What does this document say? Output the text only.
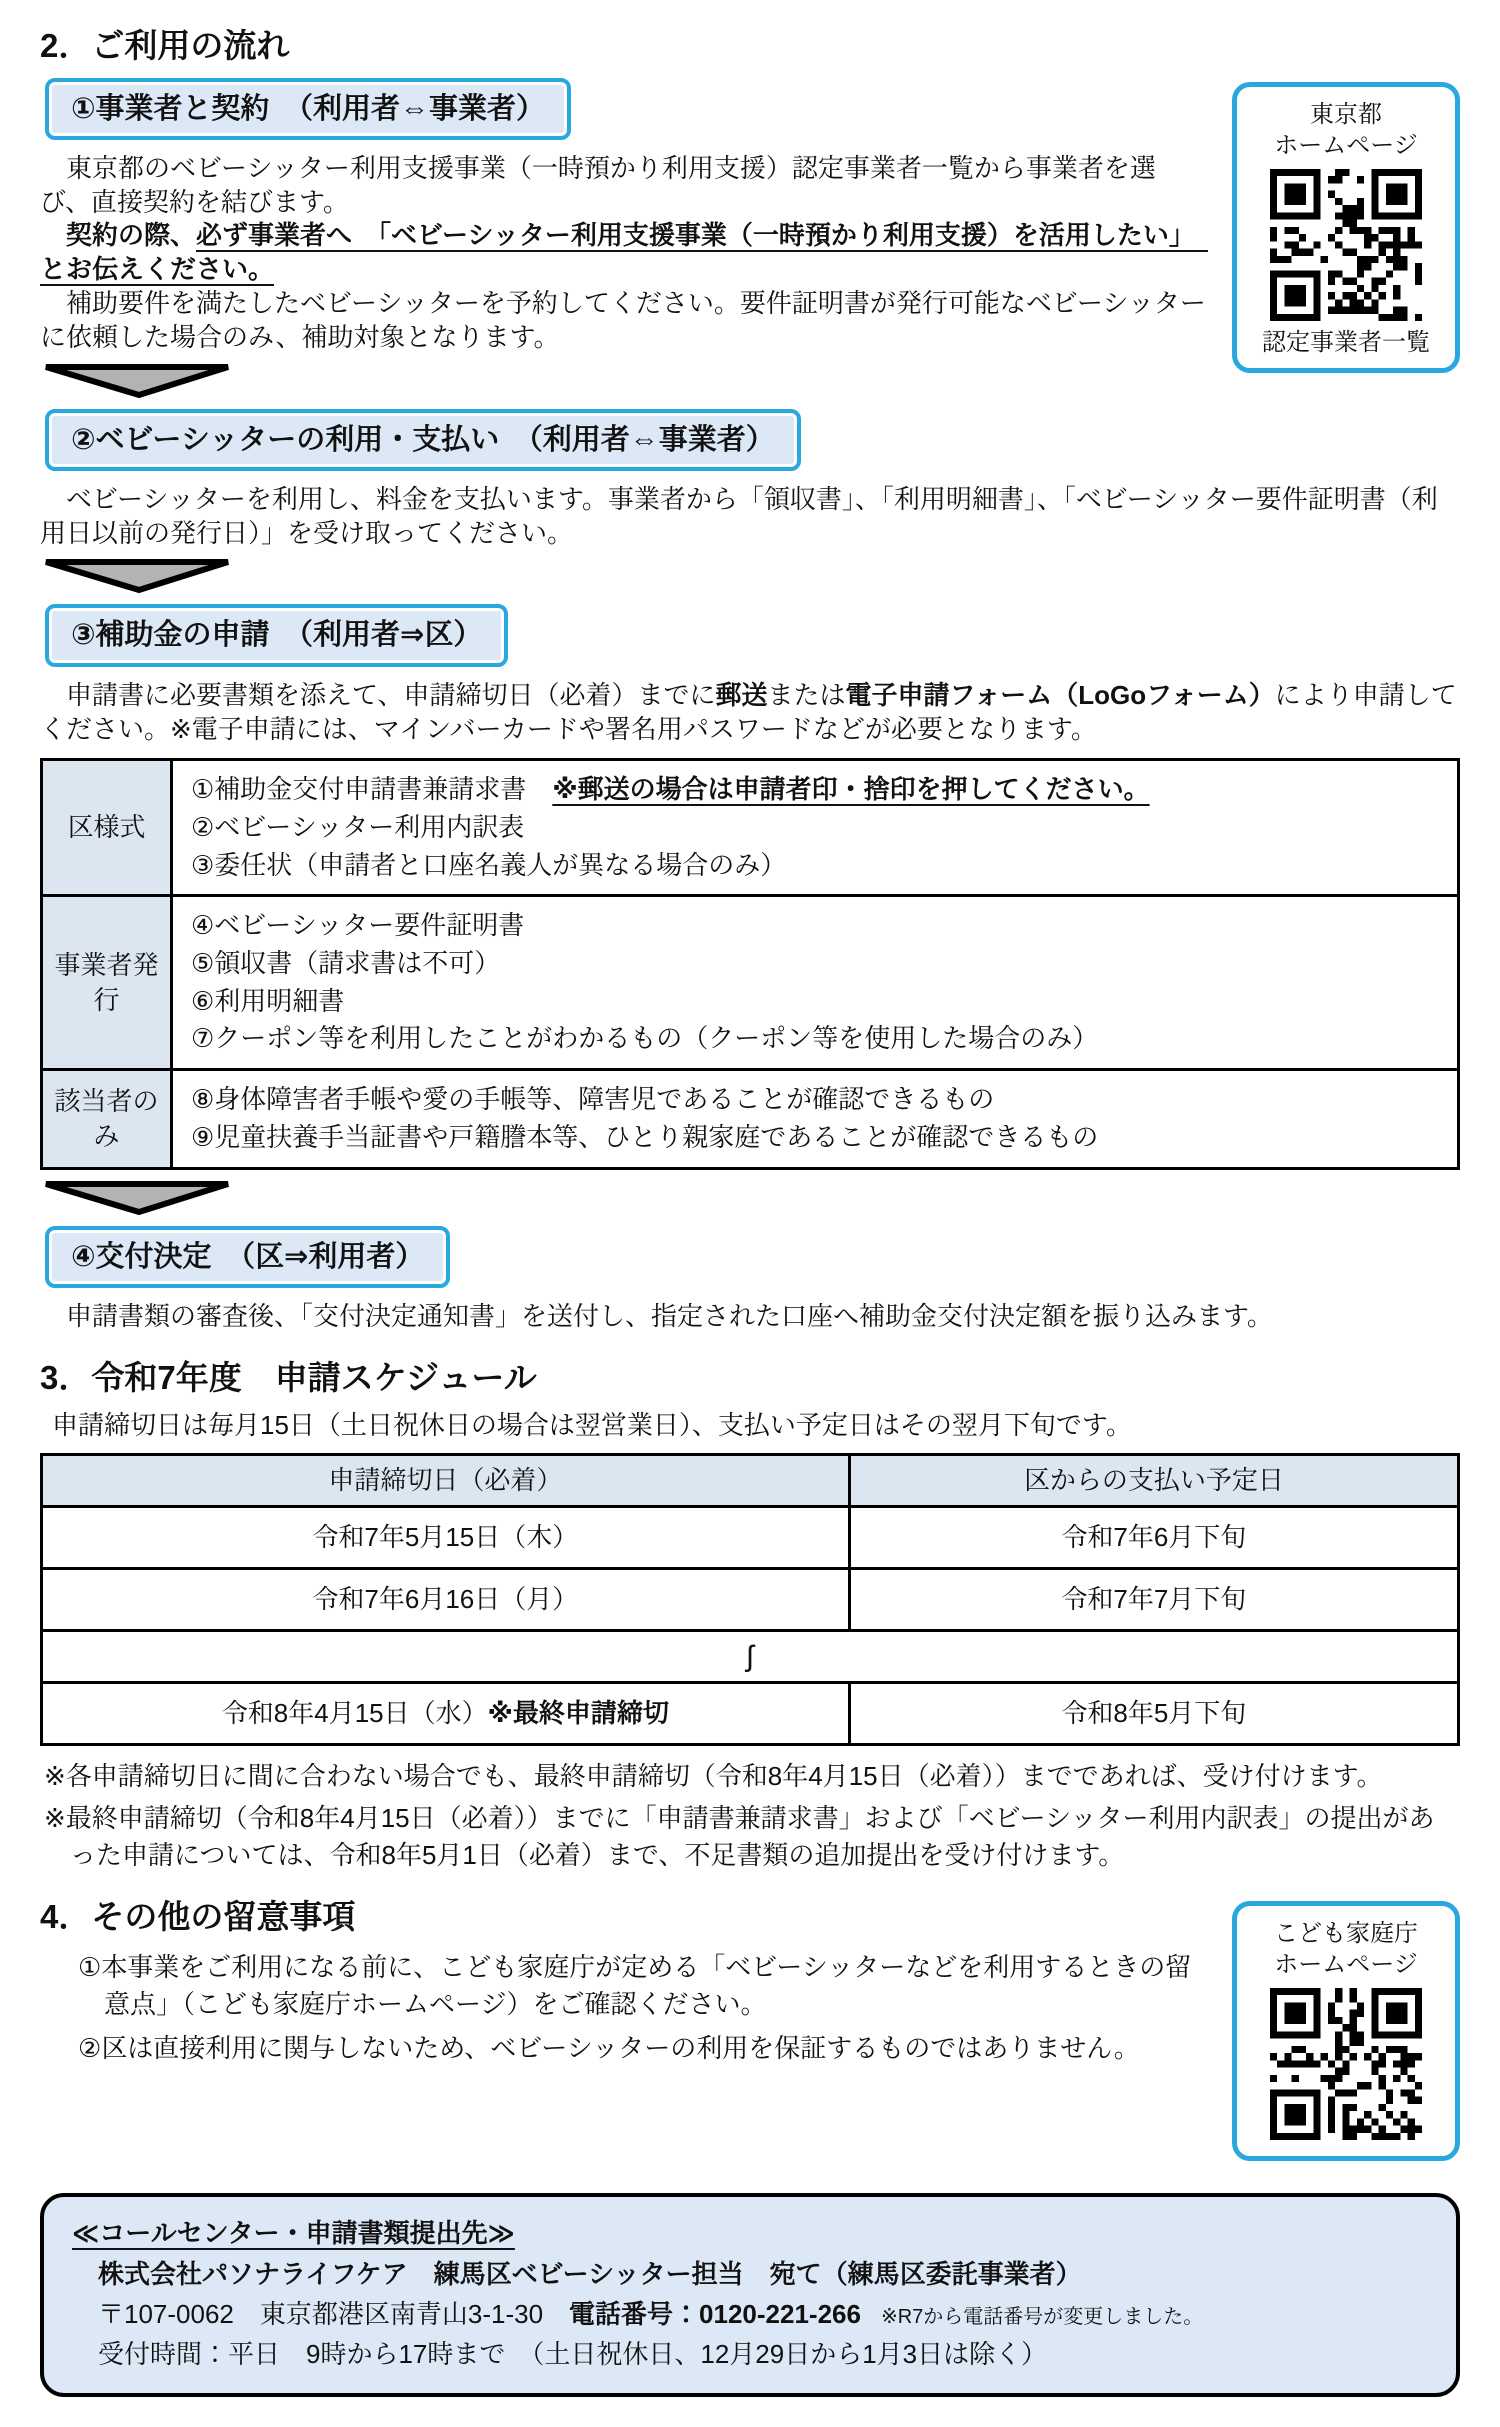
2．ご利用の流れ
東京都
ホームページ
認定事業者一覧
①事業者と契約　（利用者⇔事業者）
　東京都のベビーシッター利用支援事業（一時預かり利用支援）認定事業者一覧から事業者を選び、直接契約を結びます。
　契約の際、必ず事業者へ　「ベビーシッター利用支援事業（一時預かり利用支援）を活用したい」　とお伝えください。
　補助要件を満たしたベビーシッターを予約してください。要件証明書が発行可能なベビーシッターに依頼した場合のみ、補助対象となります。
②ベビーシッターの利用・支払い　（利用者⇔事業者）
　ベビーシッターを利用し、料金を支払います。事業者から「領収書」、「利用明細書」、「ベビーシッター要件証明書（利用日以前の発行日）」を受け取ってください。
③補助金の申請　（利用者⇒区）
　申請書に必要書類を添えて、申請締切日（必着）までに郵送または電子申請フォーム（LoGoフォーム）により申請してください。※電子申請には、マインバーカードや署名用パスワードなどが必要となります。
区様式	①補助金交付申請書兼請求書　※郵送の場合は申請者印・捨印を押してください。
②ベビーシッター利用内訳表
③委任状（申請者と口座名義人が異なる場合のみ）

事業者発行	④ベビーシッター要件証明書
⑤領収書（請求書は不可）
⑥利用明細書
⑦クーポン等を利用したことがわかるもの（クーポン等を使用した場合のみ）

該当者のみ	⑧身体障害者手帳や愛の手帳等、障害児であることが確認できるもの
⑨児童扶養手当証書や戸籍謄本等、ひとり親家庭であることが確認できるもの
④交付決定　（区⇒利用者）
　申請書類の審査後、「交付決定通知書」を送付し、指定された口座へ補助金交付決定額を振り込みます。
3．令和7年度　申請スケジュール
申請締切日は毎月15日（土日祝休日の場合は翌営業日）、支払い予定日はその翌月下旬です。
申請締切日（必着）	区からの支払い予定日
令和7年5月15日（木）	令和7年6月下旬
令和7年6月16日（月）	令和7年7月下旬
ʃ	
令和8年4月15日（水）※最終申請締切	令和8年5月下旬
※各申請締切日に間に合わない場合でも、最終申請締切（令和8年4月15日（必着））までであれば、受け付けます。
※最終申請締切（令和8年4月15日（必着））までに「申請書兼請求書」および「ベビーシッター利用内訳表」の提出があった申請については、令和8年5月1日（必着）まで、不足書類の追加提出を受け付けます。
こども家庭庁
ホームページ
4．その他の留意事項
①本事業をご利用になる前に、こども家庭庁が定める「ベビーシッターなどを利用するときの留意点」（こども家庭庁ホームページ）をご確認ください。
②区は直接利用に関与しないため、ベビーシッターの利用を保証するものではありません。
≪コールセンター・申請書類提出先≫
株式会社パソナライフケア　練馬区ベビーシッター担当　宛て（練馬区委託事業者）
〒107-0062　東京都港区南青山3-1-30　電話番号：0120-221-266　※R7から電話番号が変更しました。
受付時間：平日　9時から17時まで　（土日祝休日、12月29日から1月3日は除く）
